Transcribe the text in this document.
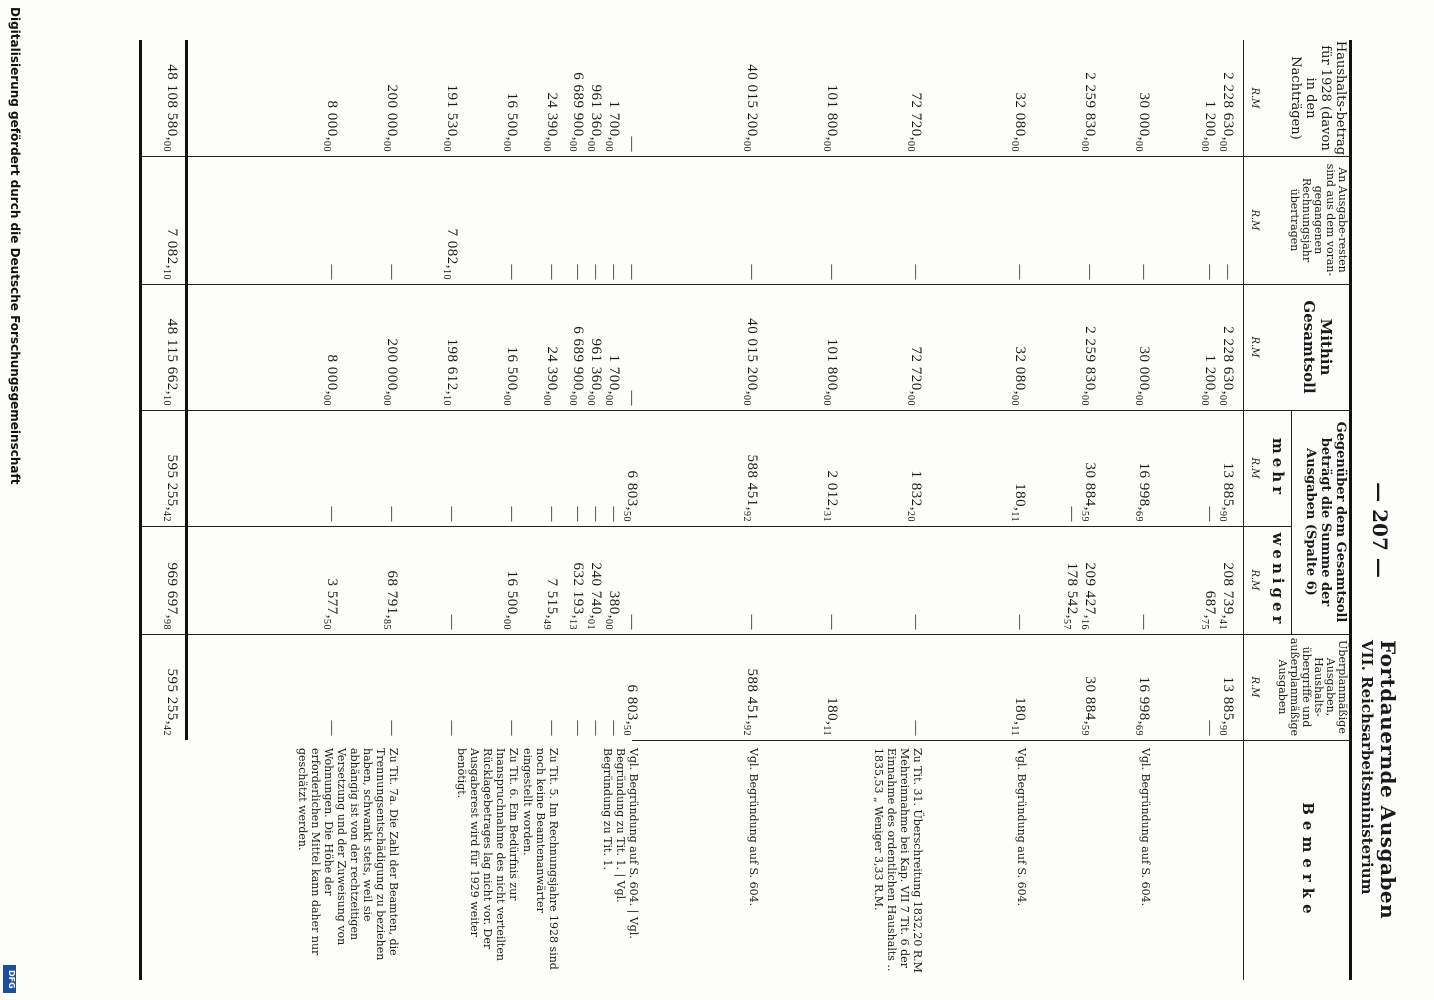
Digitalisierung gefördert durch die Deutsche Forschungsgemeinschaft
DFG
— 207 —
Fortdauernde Ausgaben
VII. Reichsarbeitsministerium
Haushalts-betrag für 1928 (davon in den Nachträgen)
An Ausgabe-resten sind aus dem voran-gegangenen Rechnungsjahr übertragen
Mithin Gesamtsoll
Gegenüber dem Gesamtsoll beträgt die Summe der Ausgaben (Spalte 6)
mehr
weniger
Überplanmäßige Ausgaben, Haushalts-übergriffe und außerplanmäßige Ausgaben
Bemerke
R.M
R.M
R.M
R.M
R.M
R.M
2 228 $630,_{00}$
1 $200,_{00}$
—
—
2 228 $630,_{00}$
1 $200,_{00}$
13 $885,_{90}$
—
208 $739,_{41}$
$687,_{75}$
13 $885,_{90}$
—
30 $000,_{00}$
—
30 $000,_{00}$
16 $998,_{69}$
—
16 $998,_{69}$
Vgl. Begründung auf S. 604.
2 259 $830,_{00}$
—
2 259 $830,_{00}$
30 $884,_{59}$
—
209 $427,_{16}$
178 $542,_{57}$
30 $884,_{59}$
32 $080,_{00}$
—
32 $080,_{00}$
$180,_{11}$
—
$180,_{11}$
Vgl. Begründung auf S. 604.
72 $720,_{00}$
—
72 $720,_{00}$
1 $832,_{20}$
—
—
Zu Tit. 31. Überschreitung 1832,20 R.M Mehreinnahme bei Kap. VII 7 Tit. 6 der Einnahme des ordentlichen Haushalts .. 1835,53 „ Weniger 3,33 R.M.
101 $800,_{00}$
—
101 $800,_{00}$
2 $012,_{31}$
—
$180,_{11}$
40 015 $200,_{00}$
—
40 015 $200,_{00}$
588 $451,_{92}$
—
588 $451,_{92}$
Vgl. Begründung auf S. 604.
—
1 $700,_{00}$
961 $360,_{00}$
6 689 $900,_{00}$
—
—
—
—
—
1 $700,_{00}$
961 $360,_{00}$
6 689 $900,_{00}$
6 $803,_{50}$
—
—
—
—
$380,_{00}$
240 $740,_{01}$
632 $193,_{13}$
6 $803,_{50}$
—
—
—
Vgl. Begründung auf S. 604. | Vgl. Begründung zu Tit. 1. | Vgl. Begründung zu Tit. 1.
24 $390,_{00}$
—
24 $390,_{00}$
—
7 $515,_{49}$
—
Zu Tit. 5. Im Rechnungsjahre 1928 sind noch keine Beamtenanwärter eingestellt worden.
16 $500,_{00}$
—
16 $500,_{00}$
—
16 $500,_{00}$
—
Zu Tit. 6. Ein Bedürfnis zur Inanspruchnahme des nicht verteilten Rücklagebetrages lag nicht vor. Der Ausgaberest wird für 1929 weiter benötigt.
191 $530,_{00}$
7 $082,_{10}$
198 $612,_{10}$
—
—
—
200 $000,_{00}$
—
200 $000,_{00}$
—
68 $791,_{85}$
—
Zu Tit. 7a. Die Zahl der Beamten, die Trennungsentschädigung zu beziehen haben, schwankt stets, weil sie abhängig ist von der rechtzeitigen Versetzung und der Zuweisung von Wohnungen. Die Höhe der erforderlichen Mittel kann daher nur geschätzt werden.
8 $000,_{00}$
—
8 $000,_{00}$
—
3 $577,_{50}$
—
48 108 $580,_{00}$
7 $082,_{10}$
48 115 $662,_{10}$
595 $255,_{42}$
969 $697,_{98}$
595 $255,_{42}$
